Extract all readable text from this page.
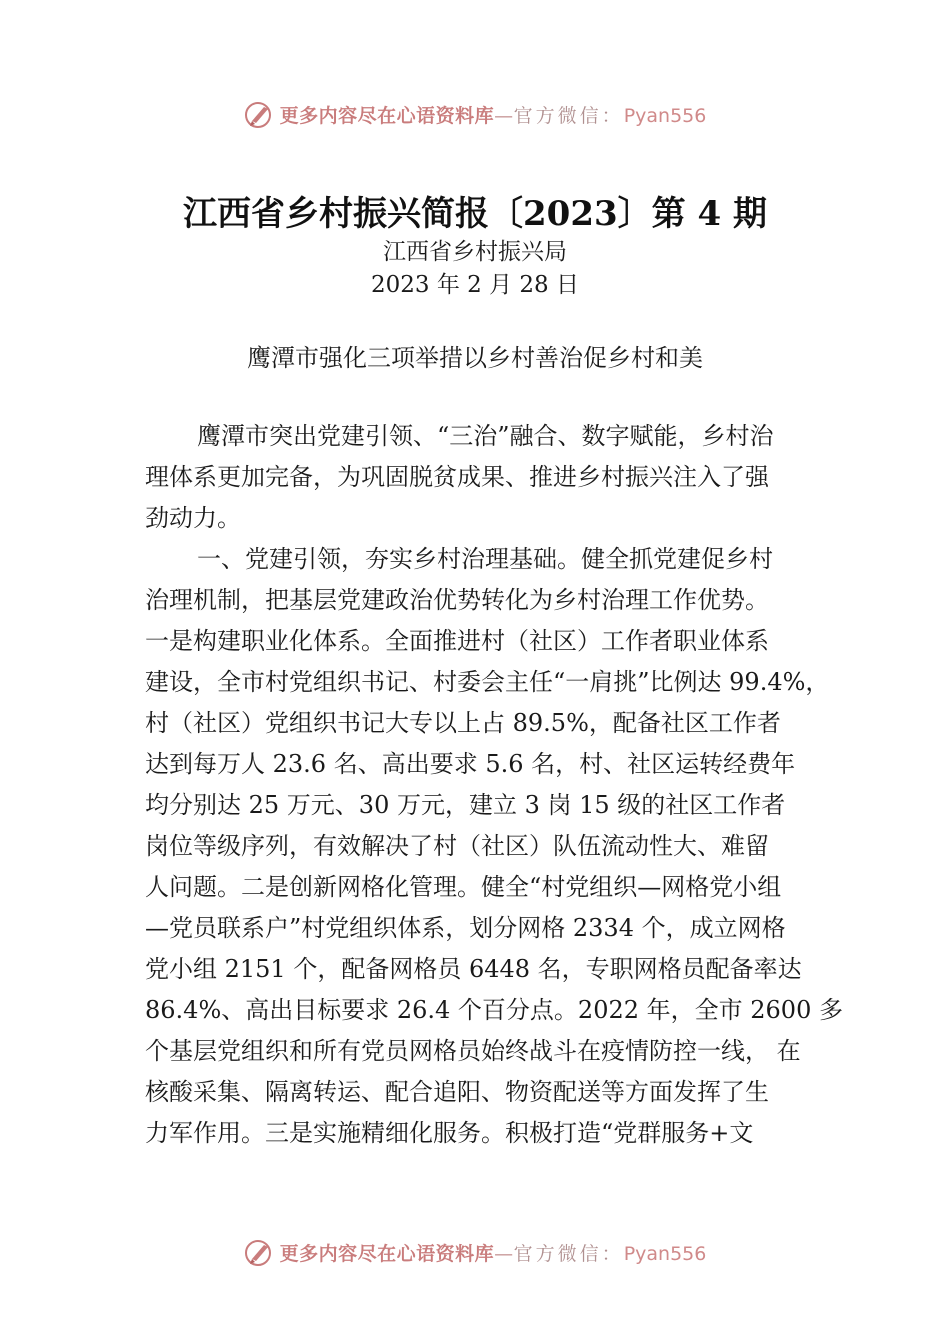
更多内容尽在心语资料库—官方微信：Pyan556
江西省乡村振兴简报〔2023〕第 4 期
江西省乡村振兴局
2023 年 2 月 28 日
鹰潭市强化三项举措以乡村善治促乡村和美
鹰潭市突出党建引领、“三治”融合、数字赋能，乡村治
理体系更加完备，为巩固脱贫成果、推进乡村振兴注入了强
劲动力。
一、党建引领，夯实乡村治理基础。健全抓党建促乡村
治理机制，把基层党建政治优势转化为乡村治理工作优势。
一是构建职业化体系。全面推进村（社区）工作者职业体系
建设，全市村党组织书记、村委会主任“一肩挑”比例达 99.4%，
村（社区）党组织书记大专以上占 89.5%，配备社区工作者
达到每万人 23.6 名、高出要求 5.6 名，村、社区运转经费年
均分别达 25 万元、30 万元，建立 3 岗 15 级的社区工作者
岗位等级序列，有效解决了村（社区）队伍流动性大、难留
人问题。二是创新网格化管理。健全“村党组织—网格党小组
—党员联系户”村党组织体系，划分网格 2334 个，成立网格
党小组 2151 个，配备网格员 6448 名，专职网格员配备率达
86.4%、高出目标要求 26.4 个百分点。2022 年，全市 2600 多
个基层党组织和所有党员网格员始终战斗在疫情防控一线， 在
核酸采集、隔离转运、配合追阳、物资配送等方面发挥了生
力军作用。三是实施精细化服务。积极打造“党群服务+文
更多内容尽在心语资料库—官方微信：Pyan556
